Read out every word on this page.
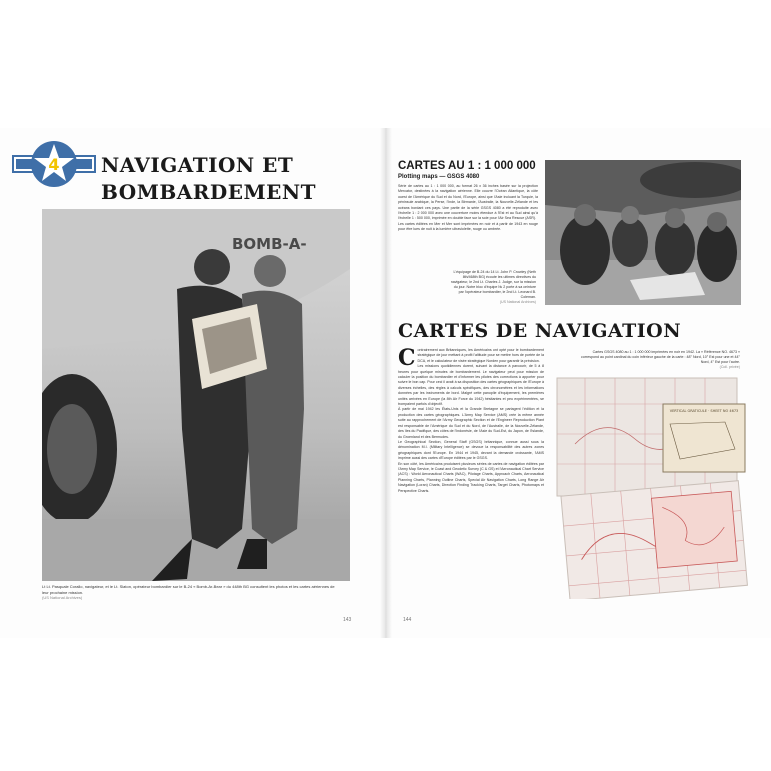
4 NAVIGATION ET
BOMBARDEMENT
BOMB-A-
Lt Lt. Pasquale Corallo, navigateur, et le Lt. Slaton, opérateur bombardier sur le B-24 « Bomb-Ar-Bear » du 448th BG consultent les photos et les cartes aériennes de leur prochaine mission.
(US National Archives)
143
CARTES AU 1 : 1 000 000
Plotting maps — GSGS 4080
Série de cartes au 1 : 1 000 000, au format 26 x 36 inches basée sur la projection Mercator, destinées à la navigation aérienne. Elle couvre l'Océan Atlantique, la côte ouest de l'Amérique du Sud et du Nord, l'Europe, ainsi que l'Asie incluant la Turquie, la péninsule arabique, la Perse, l'Inde, la Birmanie, l'Australie, la Nouvelle-Zélande et les océans bordant ces pays. Une partie de la série GSGS 4080 a été reproduite avec l'échelle 1 : 2 000 000 avec une couverture moins étendue à l'Est et au Sud ainsi qu'à l'échelle 1 : 500 000, imprimée en double face sur la soie pour l'Air Sea Rescue (ASR).
Les cartes éditées en Mer et Mer sont imprimées en noir et à partir de 1943 en rouge pour être lues de nuit à la lumière ultraviolette, rouge ou ambrée.
L'équipage de B-24 du 14 Lt. John P. Crowley (Neth 8th/468th BG) écoute les ultimes directives du navigateur, le 2nd Lt. Charles J. Judge, sur la mission du jour. Notre bloc d'équipe № 2 porte à sa ceinture par l'opérateur bombardier, le 2nd Lt. Leonard B. Coleman.
(US National Archives)
CARTES DE NAVIGATION
C ontrairement aux Britanniques, les Américains ont opté pour le bombardement stratégique de jour mettant à profit l'altitude pour se mettre hors de portée de la DCA, et le calculateur de visée stratégique Norden pour garantir la précision.
Les missions quotidiennes durent, suivant la distance à parcourir, de 5 à 8 heures pour quelque minutes de bombardement. Le navigateur peut pour mission de calculer la position du bombardier et d'informer les pilotes des corrections à apporter pour suivre le bon cap. Pour ceci il avait à sa disposition des cartes géographiques de l'Europe à diverses échelles, des règles à calculs spécifiques, des chronomètres et les informations données par les instruments de bord. Malgré cette panoplie d'équipement, les premières unités arrivées en Europe (la 8th Air Force du 1942) hésitantes et peu expérimentées, se trompaient parfois d'objectif.
À partir de mai 1942 les États-Unis et la Grande Bretagne se partagent l'édition et la production des cartes géographiques. L'Army Map Service (AMS) crée la même année suite au rapprochement de l'Army Geographic Section et de l'Engineer Reproduction Plant est responsable de l'Amérique du Sud et du Nord, de l'Australie, de la Nouvelle-Zélande, des îles du Pacifique, des côtes de l'Indonésie, de l'Asie du Sud-Est, du Japon, de l'Islande, du Groenland et des Bermudes.
Le Geographical Section, General Staff (GSGS) britannique, connue aussi sous la dénomination M.I. (Military Intelligence) se devoue la responsabilité des autres zones géographiques dont l'Europe. En 1944 et 1945, devant la demande croissante, l'AMS imprime aussi des cartes d'Europe éditées par le GSGS.
En son côté, les Américains produisent plusieurs séries de cartes de navigation éditées par l'Army Map Service, le Coast and Geodetic Survey (C & GS) et l'Aeronautical Chart Service (ACS) : World Aeronautical Charts (WAC), Pilotage Charts, Approach Charts, Aeronautical Planning Charts, Planning Outline Charts, Special Air Navigation Charts, Long Range Air Navigation (Loran) Charts, Direction Finding Tracking Charts, Target Charts, Photomaps et Perspective Charts.
Cartes GSGS 4080 au 1 : 1 000 000 imprimées en noir en 1942. La « Référence NO. 4673 » correspond au point cardinal du coin inférieur gauche de la carte : 48° Nord, 10° Est pour une et 44° Nord, 4° Est pour l'autre.
(Coll. privée)
VERTICAL GRATICULE · SHEET NO 4673
144
